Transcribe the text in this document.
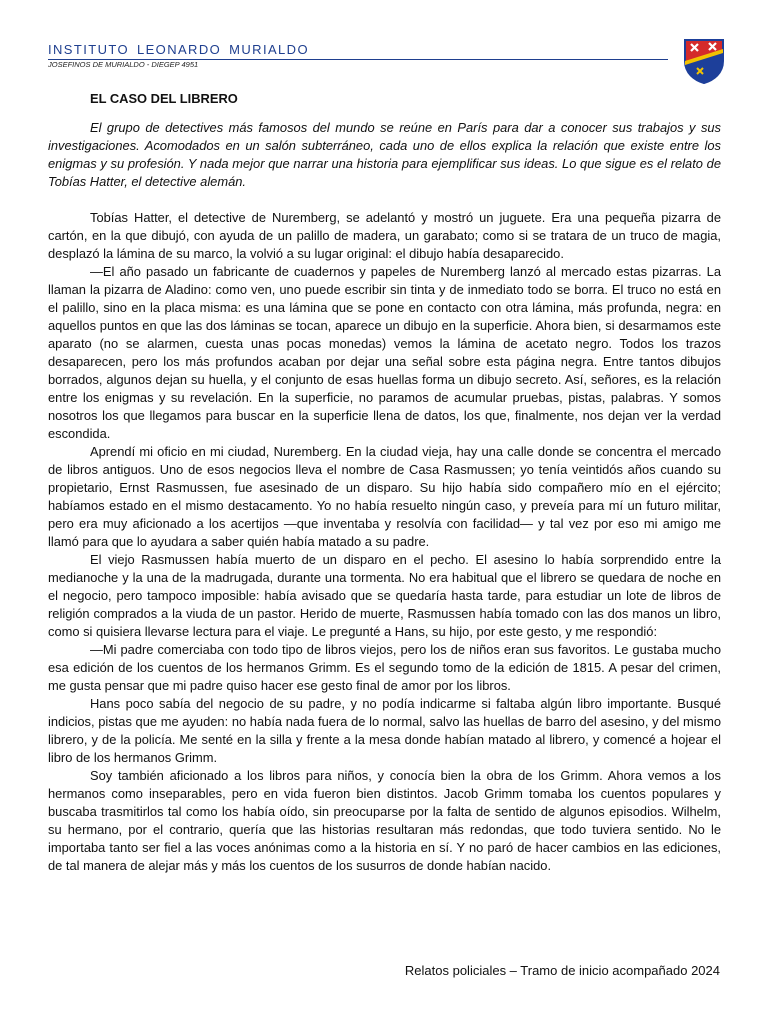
INSTITUTO LEONARDO MURIALDO
JOSEFINOS DE MURIALDO - DIEGEP 4951

EL CASO DEL LIBRERO

El grupo de detectives más famosos del mundo se reúne en París para dar a conocer sus trabajos y sus investigaciones. Acomodados en un salón subterráneo, cada uno de ellos explica la relación que existe entre los enigmas y su profesión. Y nada mejor que narrar una historia para ejemplificar sus ideas. Lo que sigue es el relato de Tobías Hatter, el detective alemán.

Tobías Hatter, el detective de Nuremberg, se adelantó y mostró un juguete. Era una pequeña pizarra de cartón, en la que dibujó, con ayuda de un palillo de madera, un garabato; como si se tratara de un truco de magia, desplazó la lámina de su marco, la volvió a su lugar original: el dibujo había desaparecido.

—El año pasado un fabricante de cuadernos y papeles de Nuremberg lanzó al mercado estas pizarras. La llaman la pizarra de Aladino: como ven, uno puede escribir sin tinta y de inmediato todo se borra. El truco no está en el palillo, sino en la placa misma: es una lámina que se pone en contacto con otra lámina, más profunda, negra: en aquellos puntos en que las dos láminas se tocan, aparece un dibujo en la superficie. Ahora bien, si desarmamos este aparato (no se alarmen, cuesta unas pocas monedas) vemos la lámina de acetato negro. Todos los trazos desaparecen, pero los más profundos acaban por dejar una señal sobre esta página negra. Entre tantos dibujos borrados, algunos dejan su huella, y el conjunto de esas huellas forma un dibujo secreto. Así, señores, es la relación entre los enigmas y su revelación. En la superficie, no paramos de acumular pruebas, pistas, palabras. Y somos nosotros los que llegamos para buscar en la superficie llena de datos, los que, finalmente, nos dejan ver la verdad escondida.

Aprendí mi oficio en mi ciudad, Nuremberg. En la ciudad vieja, hay una calle donde se concentra el mercado de libros antiguos. Uno de esos negocios lleva el nombre de Casa Rasmussen; yo tenía veintidós años cuando su propietario, Ernst Rasmussen, fue asesinado de un disparo. Su hijo había sido compañero mío en el ejército; habíamos estado en el mismo destacamento. Yo no había resuelto ningún caso, y preveía para mí un futuro militar, pero era muy aficionado a los acertijos —que inventaba y resolvía con facilidad— y tal vez por eso mi amigo me llamó para que lo ayudara a saber quién había matado a su padre.

El viejo Rasmussen había muerto de un disparo en el pecho. El asesino lo había sorprendido entre la medianoche y la una de la madrugada, durante una tormenta. No era habitual que el librero se quedara de noche en el negocio, pero tampoco imposible: había avisado que se quedaría hasta tarde, para estudiar un lote de libros de religión comprados a la viuda de un pastor. Herido de muerte, Rasmussen había tomado con las dos manos un libro, como si quisiera llevarse lectura para el viaje. Le pregunté a Hans, su hijo, por este gesto, y me respondió:

—Mi padre comerciaba con todo tipo de libros viejos, pero los de niños eran sus favoritos. Le gustaba mucho esa edición de los cuentos de los hermanos Grimm. Es el segundo tomo de la edición de 1815. A pesar del crimen, me gusta pensar que mi padre quiso hacer ese gesto final de amor por los libros.

Hans poco sabía del negocio de su padre, y no podía indicarme si faltaba algún libro importante. Busqué indicios, pistas que me ayuden: no había nada fuera de lo normal, salvo las huellas de barro del asesino, y del mismo librero, y de la policía. Me senté en la silla y frente a la mesa donde habían matado al librero, y comencé a hojear el libro de los hermanos Grimm.

Soy también aficionado a los libros para niños, y conocía bien la obra de los Grimm. Ahora vemos a los hermanos como inseparables, pero en vida fueron bien distintos. Jacob Grimm tomaba los cuentos populares y buscaba trasmitirlos tal como los había oído, sin preocuparse por la falta de sentido de algunos episodios. Wilhelm, su hermano, por el contrario, quería que las historias resultaran más redondas, que todo tuviera sentido. No le importaba tanto ser fiel a las voces anónimas como a la historia en sí. Y no paró de hacer cambios en las ediciones, de tal manera de alejar más y más los cuentos de los susurros de donde habían nacido.

Relatos policiales – Tramo de inicio acompañado 2024
